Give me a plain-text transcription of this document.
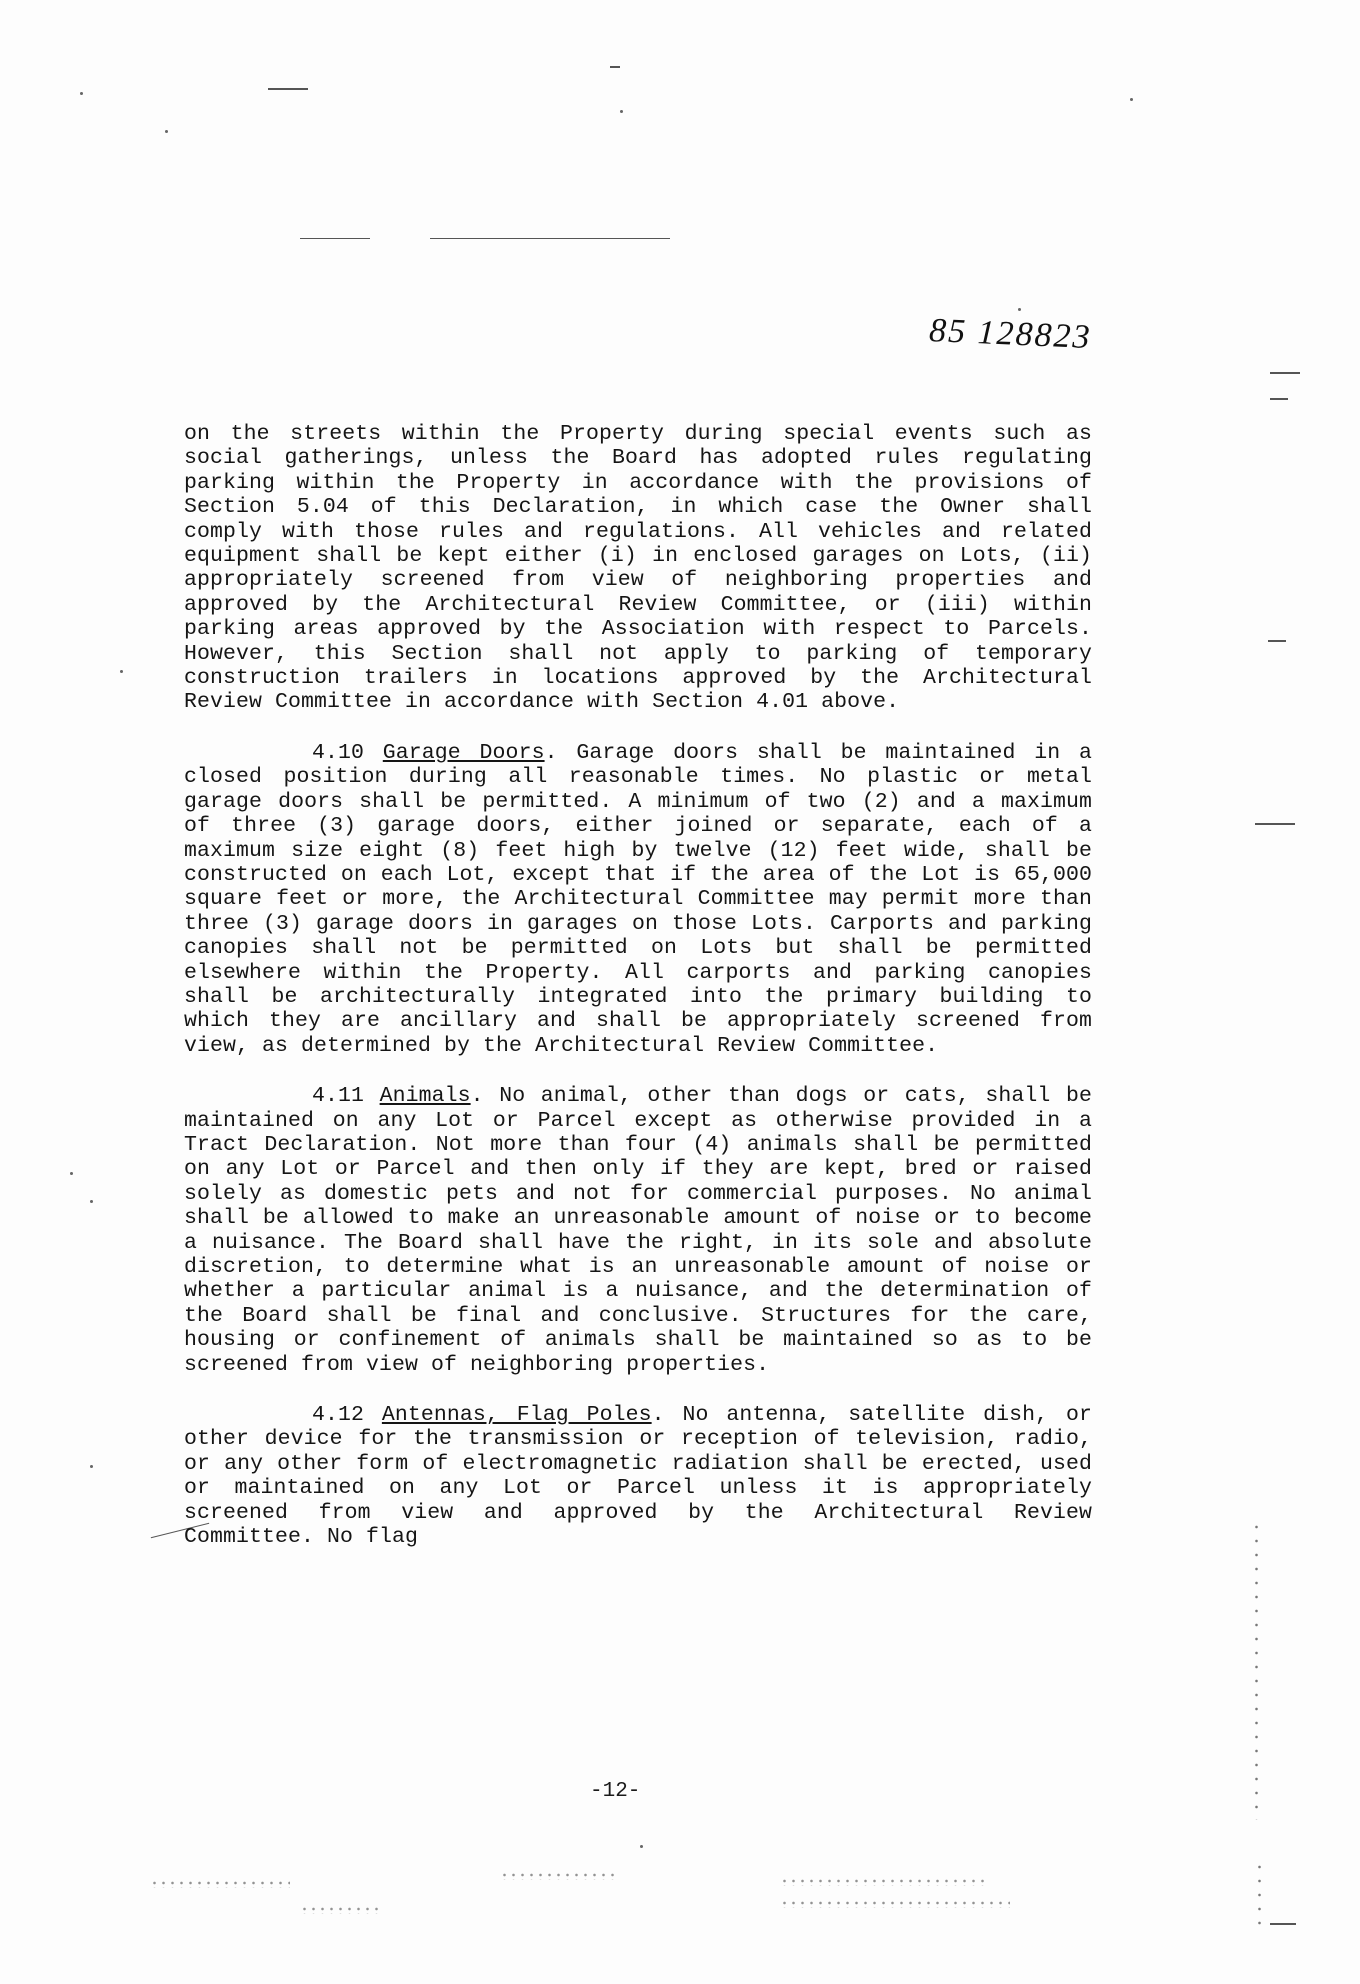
85 128823

on the streets within the Property during special events such as social gatherings, unless the Board has adopted rules regulating parking within the Property in accordance with the provisions of Section 5.04 of this Declaration, in which case the Owner shall comply with those rules and regulations. All vehicles and related equipment shall be kept either (i) in enclosed garages on Lots, (ii) appropriately screened from view of neighboring properties and approved by the Architectural Review Committee, or (iii) within parking areas approved by the Association with respect to Parcels. However, this Section shall not apply to parking of temporary construction trailers in locations approved by the Architectural Review Committee in accordance with Section 4.01 above.

4.10 Garage Doors. Garage doors shall be maintained in a closed position during all reasonable times. No plastic or metal garage doors shall be permitted. A minimum of two (2) and a maximum of three (3) garage doors, either joined or separate, each of a maximum size eight (8) feet high by twelve (12) feet wide, shall be constructed on each Lot, except that if the area of the Lot is 65,000 square feet or more, the Architectural Committee may permit more than three (3) garage doors in garages on those Lots. Carports and parking canopies shall not be permitted on Lots but shall be permitted elsewhere within the Property. All carports and parking canopies shall be architecturally integrated into the primary building to which they are ancillary and shall be appropriately screened from view, as determined by the Architectural Review Committee.

4.11 Animals. No animal, other than dogs or cats, shall be maintained on any Lot or Parcel except as otherwise provided in a Tract Declaration. Not more than four (4) animals shall be permitted on any Lot or Parcel and then only if they are kept, bred or raised solely as domestic pets and not for commercial purposes. No animal shall be allowed to make an unreasonable amount of noise or to become a nuisance. The Board shall have the right, in its sole and absolute discretion, to determine what is an unreasonable amount of noise or whether a particular animal is a nuisance, and the determination of the Board shall be final and conclusive. Structures for the care, housing or confinement of animals shall be maintained so as to be screened from view of neighboring properties.

4.12 Antennas, Flag Poles. No antenna, satellite dish, or other device for the transmission or reception of television, radio, or any other form of electromagnetic radiation shall be erected, used or maintained on any Lot or Parcel unless it is appropriately screened from view and approved by the Architectural Review Committee. No flag

-12-
